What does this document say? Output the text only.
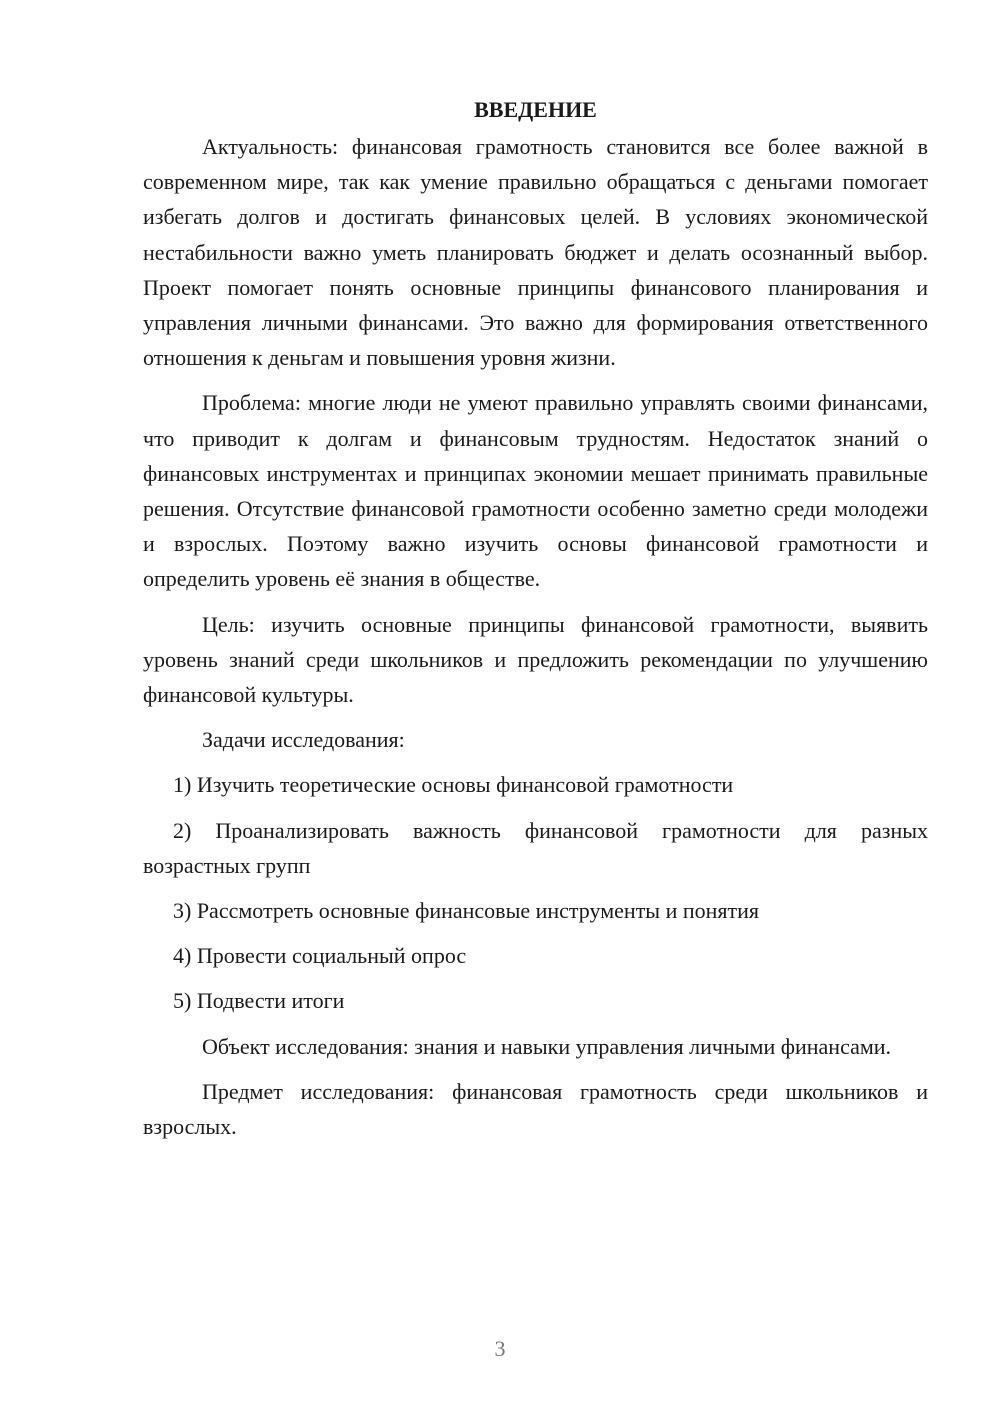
ВВЕДЕНИЕ

Актуальность: финансовая грамотность становится все более важной в современном мире, так как умение правильно обращаться с деньгами помогает избегать долгов и достигать финансовых целей. В условиях экономической нестабильности важно уметь планировать бюджет и делать осознанный выбор. Проект помогает понять основные принципы финансового планирования и управления личными финансами. Это важно для формирования ответственного отношения к деньгам и повышения уровня жизни.

Проблема: многие люди не умеют правильно управлять своими финансами, что приводит к долгам и финансовым трудностям. Недостаток знаний о финансовых инструментах и принципах экономии мешает принимать правильные решения. Отсутствие финансовой грамотности особенно заметно среди молодежи и взрослых. Поэтому важно изучить основы финансовой грамотности и определить уровень её знания в обществе.

Цель: изучить основные принципы финансовой грамотности, выявить уровень знаний среди школьников и предложить рекомендации по улучшению финансовой культуры.

Задачи исследования:

1) Изучить теоретические основы финансовой грамотности

2) Проанализировать важность финансовой грамотности для разных возрастных групп

3) Рассмотреть основные финансовые инструменты и понятия

4) Провести социальный опрос

5) Подвести итоги

Объект исследования: знания и навыки управления личными финансами.

Предмет исследования: финансовая грамотность среди школьников и взрослых.

3
